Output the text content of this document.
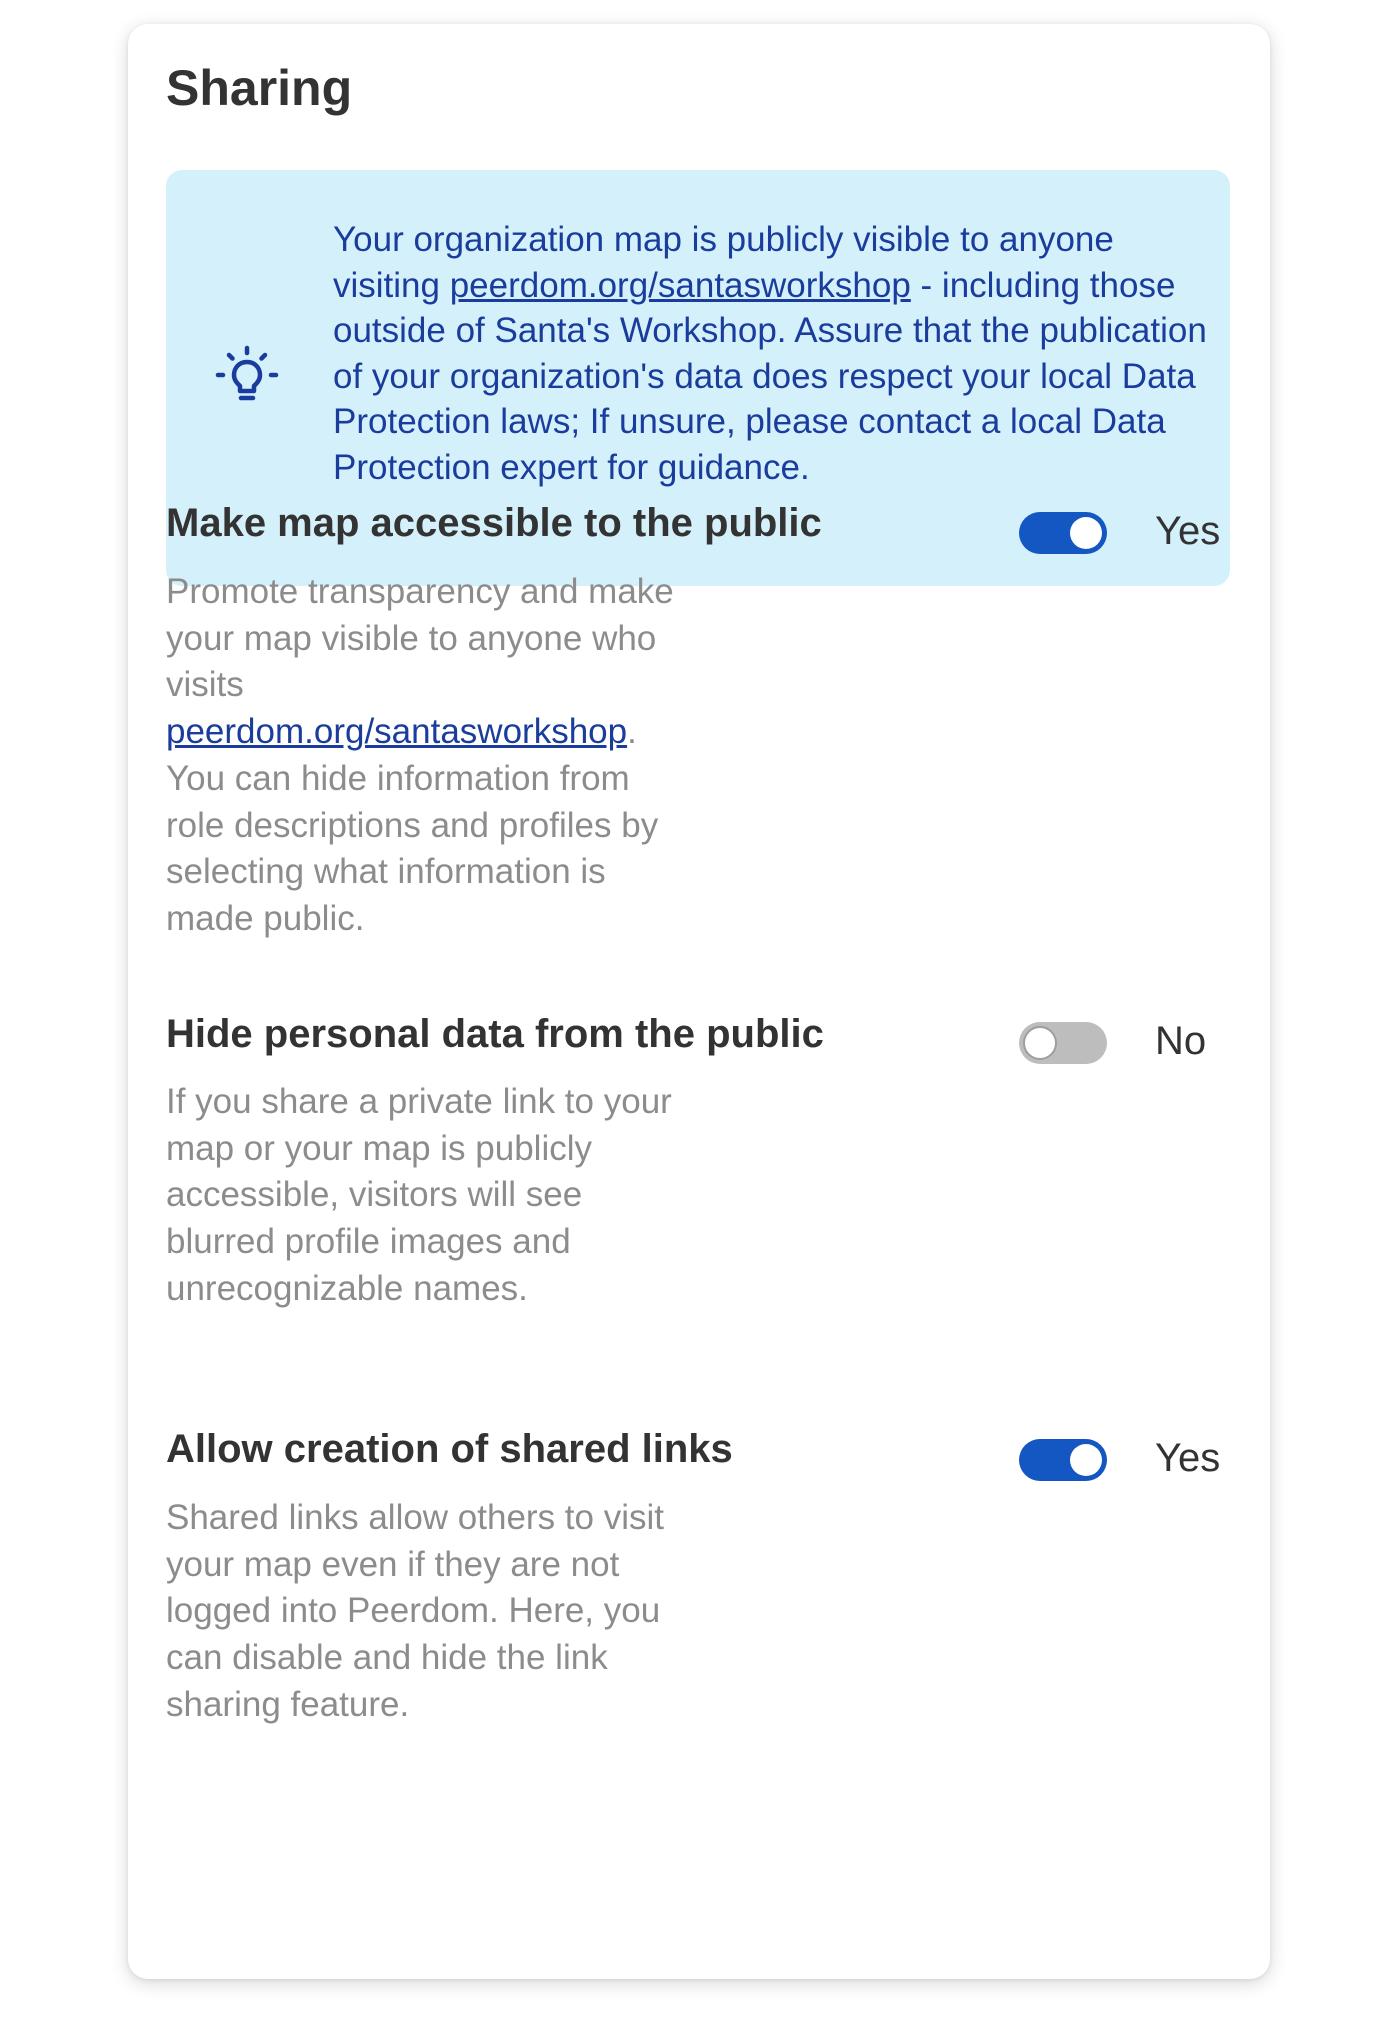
Sharing

Your organization map is publicly visible to anyone visiting peerdom.org/santasworkshop - including those outside of Santa's Workshop. Assure that the publication of your organization's data does respect your local Data Protection laws; If unsure, please contact a local Data Protection expert for guidance.

Make map accessible to the public

Promote transparency and make your map visible to anyone who visits peerdom.org/santasworkshop. You can hide information from role descriptions and profiles by selecting what information is made public.

Yes
Hide personal data from the public

If you share a private link to your map or your map is publicly accessible, visitors will see blurred profile images and unrecognizable names.

No
Allow creation of shared links

Shared links allow others to visit your map even if they are not logged into Peerdom. Here, you can disable and hide the link sharing feature.

Yes
